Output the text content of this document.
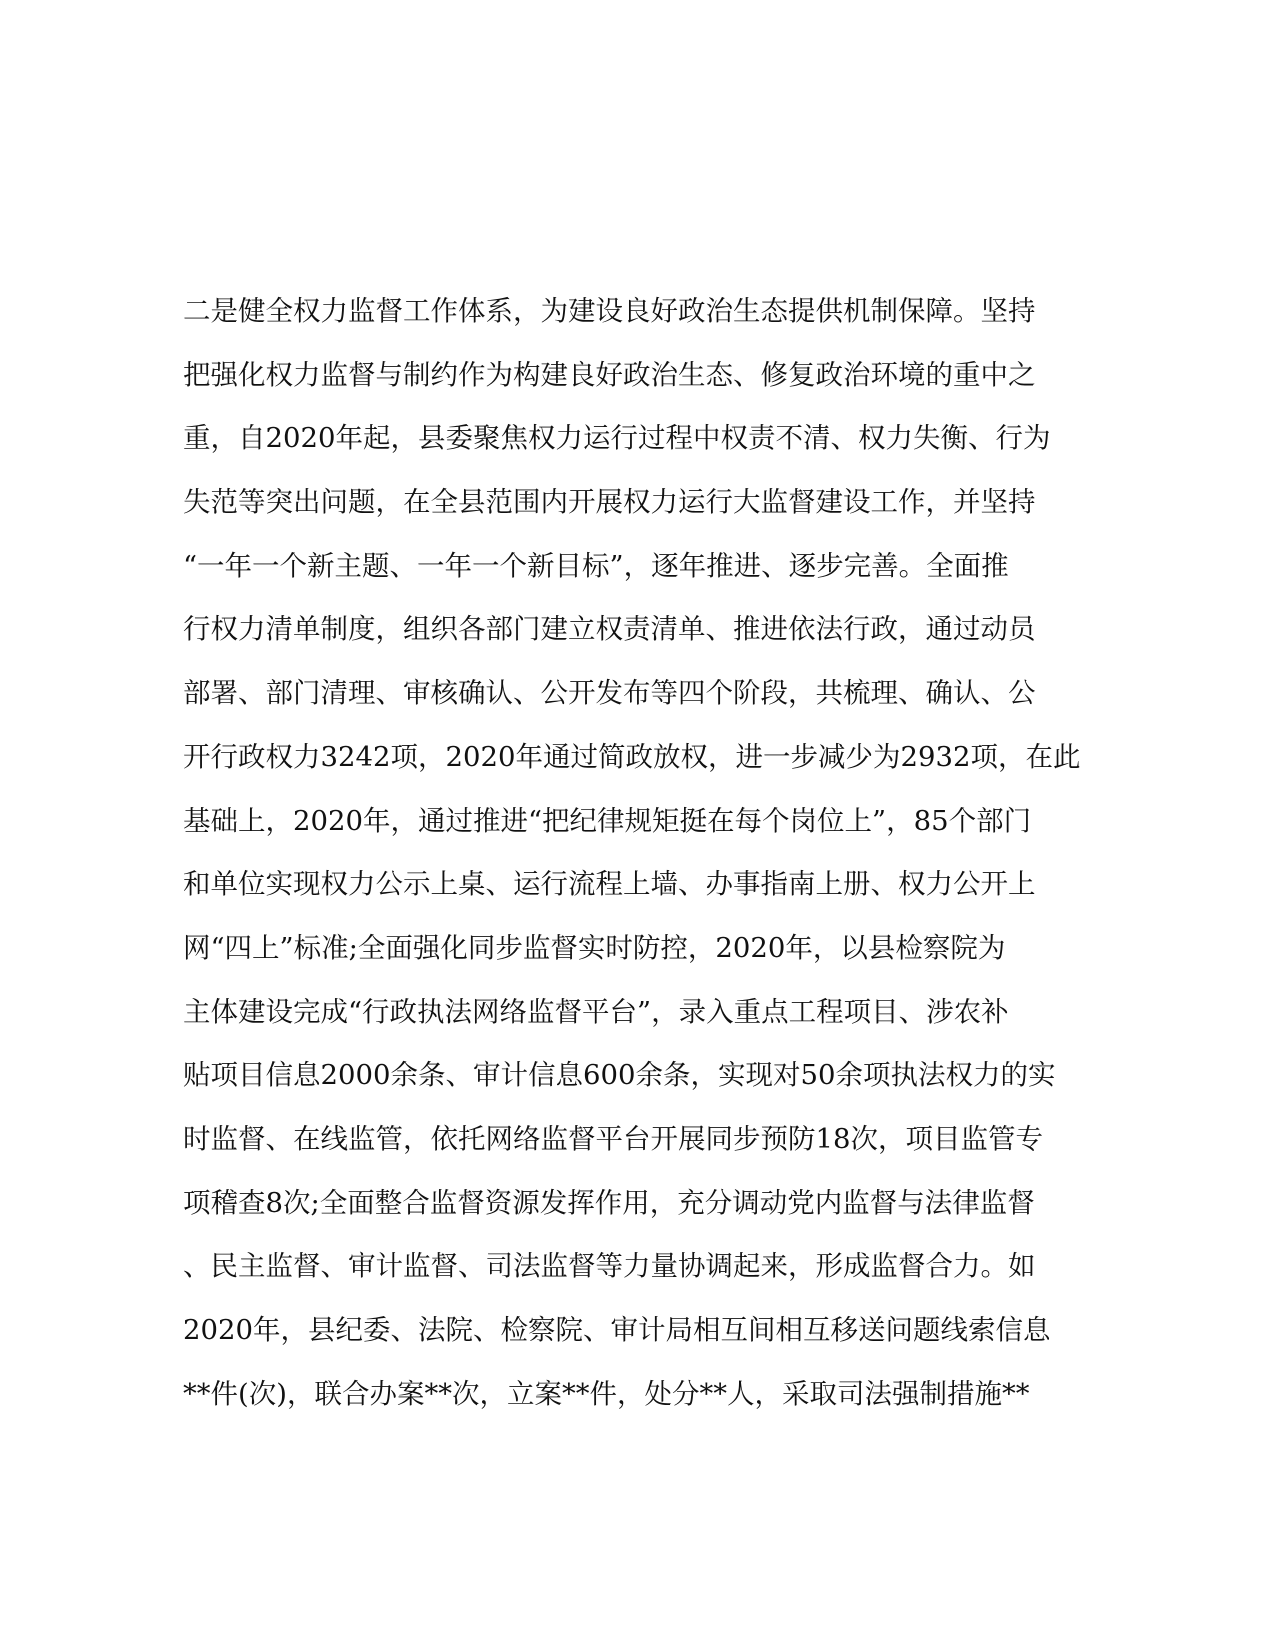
二是健全权力监督工作体系，为建设良好政治生态提供机制保障。坚持
把强化权力监督与制约作为构建良好政治生态、修复政治环境的重中之
重，自2020年起，县委聚焦权力运行过程中权责不清、权力失衡、行为
失范等突出问题，在全县范围内开展权力运行大监督建设工作，并坚持
“一年一个新主题、一年一个新目标”，逐年推进、逐步完善。全面推
行权力清单制度，组织各部门建立权责清单、推进依法行政，通过动员
部署、部门清理、审核确认、公开发布等四个阶段，共梳理、确认、公
开行政权力3242项，2020年通过简政放权，进一步减少为2932项，在此
基础上，2020年，通过推进“把纪律规矩挺在每个岗位上”，85个部门
和单位实现权力公示上桌、运行流程上墙、办事指南上册、权力公开上
网“四上”标准;全面强化同步监督实时防控，2020年，以县检察院为
主体建设完成“行政执法网络监督平台”，录入重点工程项目、涉农补
贴项目信息2000余条、审计信息600余条，实现对50余项执法权力的实
时监督、在线监管，依托网络监督平台开展同步预防18次，项目监管专
项稽查8次;全面整合监督资源发挥作用，充分调动党内监督与法律监督
、民主监督、审计监督、司法监督等力量协调起来，形成监督合力。如
2020年，县纪委、法院、检察院、审计局相互间相互移送问题线索信息
**件(次)，联合办案**次，立案**件，处分**人，采取司法强制措施**
